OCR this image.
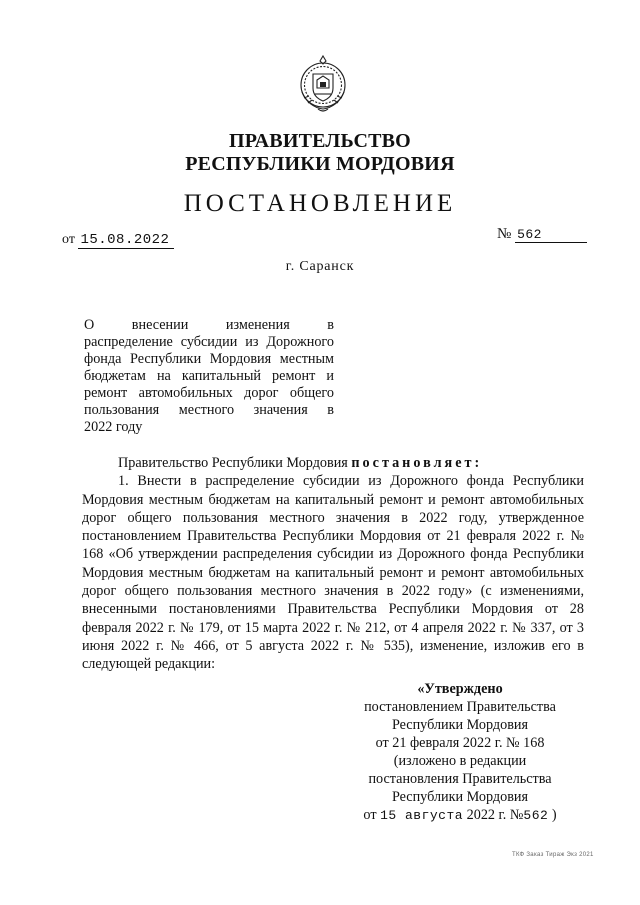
ПРАВИТЕЛЬСТВО
РЕСПУБЛИКИ МОРДОВИЯ
ПОСТАНОВЛЕНИЕ
от 15.08.2022	№ 562
г. Саранск
О внесении изменения в
распределение субсидии из Дорожного
фонда Республики Мордовия местным
бюджетам на капитальный ремонт и
ремонт автомобильных дорог общего
пользования местного значения в
2022 году

Правительство Республики Мордовия постановляет:

1. Внести в распределение субсидии из Дорожного фонда Республики Мордовия местным бюджетам на капитальный ремонт и ремонт автомобильных дорог общего пользования местного значения в 2022 году, утвержденное постановлением Правительства Республики Мордовия от 21 февраля 2022 г. № 168 «Об утверждении распределения субсидии из Дорожного фонда Республики Мордовия местным бюджетам на капитальный ремонт и ремонт автомобильных дорог общего пользования местного значения в 2022 году» (с изменениями, внесенными постановлениями Правительства Республики Мордовия от 28 февраля 2022 г. № 179, от 15 марта 2022 г. № 212, от 4 апреля 2022 г. № 337, от 3 июня 2022 г. № 466, от 5 августа 2022 г. № 535), изменение, изложив его в следующей редакции:

«Утверждено
постановлением Правительства
Республики Мордовия
от 21 февраля 2022 г. № 168
(изложено в редакции
постановления Правительства
Республики Мордовия
от 15 августа 2022 г. №562 )
ТКФ Заказ Тираж Экз 2021
